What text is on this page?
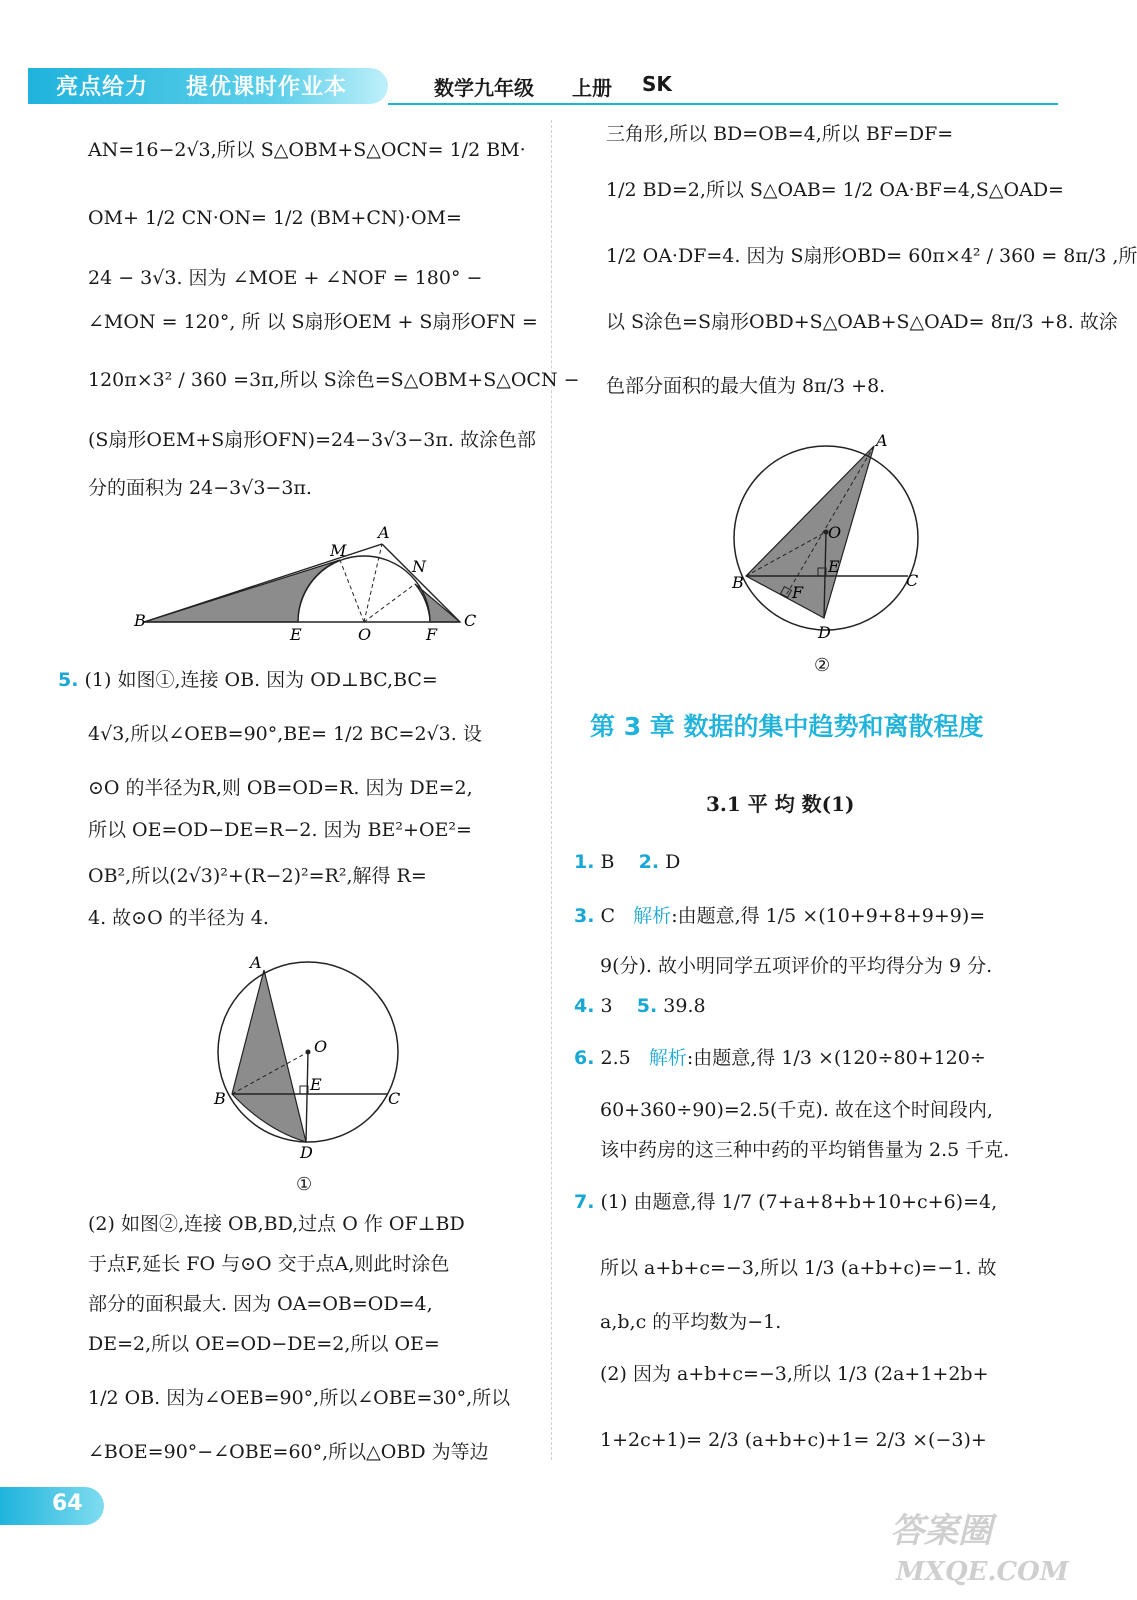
亮点给力 提优课时作业本	数学九年级 上册 SK
AN=16−2√3,所以 S△OBM+S△OCN= 1/2 BM·
OM+ 1/2 CN·ON= 1/2 (BM+CN)·OM=
24 − 3√3. 因为 ∠MOE + ∠NOF = 180° −
∠MON = 120°, 所 以 S扇形OEM + S扇形OFN =
120π×3² / 360 =3π,所以 S涂色=S△OBM+S△OCN −
(S扇形OEM+S扇形OFN)=24−3√3−3π. 故涂色部
分的面积为 24−3√3−3π.
B
E	O	F
C
M
A
N
5. (1) 如图①,连接 OB. 因为 OD⊥BC,BC=
4√3,所以∠OEB=90°,BE= 1/2 BC=2√3. 设
⊙O 的半径为R,则 OB=OD=R. 因为 DE=2,
所以 OE=OD−DE=R−2. 因为 BE²+OE²=
OB²,所以(2√3)²+(R−2)²=R²,解得 R=
4. 故⊙O 的半径为 4.
A
O
E
B	C
D
①
(2) 如图②,连接 OB,BD,过点 O 作 OF⊥BD
于点F,延长 FO 与⊙O 交于点A,则此时涂色
部分的面积最大. 因为 OA=OB=OD=4,
DE=2,所以 OE=OD−DE=2,所以 OE=
1/2 OB. 因为∠OEB=90°,所以∠OBE=30°,所以
∠BOE=90°−∠OBE=60°,所以△OBD 为等边
三角形,所以 BD=OB=4,所以 BF=DF=
1/2 BD=2,所以 S△OAB= 1/2 OA·BF=4,S△OAD=
1/2 OA·DF=4. 因为 S扇形OBD= 60π×4² / 360 = 8π/3 ,所
以 S涂色=S扇形OBD+S△OAB+S△OAD= 8π/3 +8. 故涂
色部分面积的最大值为 8π/3 +8.
A
O
E
B	C
D
F
②
第 3 章 数据的集中趋势和离散程度
3.1 平 均 数(1)
1. B 2. D
3. C 解析:由题意,得 1/5 ×(10+9+8+9+9)=
9(分). 故小明同学五项评价的平均得分为 9 分.
4. 3 5. 39.8
6. 2.5 解析:由题意,得 1/3 ×(120÷80+120÷
60+360÷90)=2.5(千克). 故在这个时间段内,
该中药房的这三种中药的平均销售量为 2.5 千克.
7. (1) 由题意,得 1/7 (7+a+8+b+10+c+6)=4,
所以 a+b+c=−3,所以 1/3 (a+b+c)=−1. 故
a,b,c 的平均数为−1.
(2) 因为 a+b+c=−3,所以 1/3 (2a+1+2b+
1+2c+1)= 2/3 (a+b+c)+1= 2/3 ×(−3)+
64
答案圈
MXQE.COM
